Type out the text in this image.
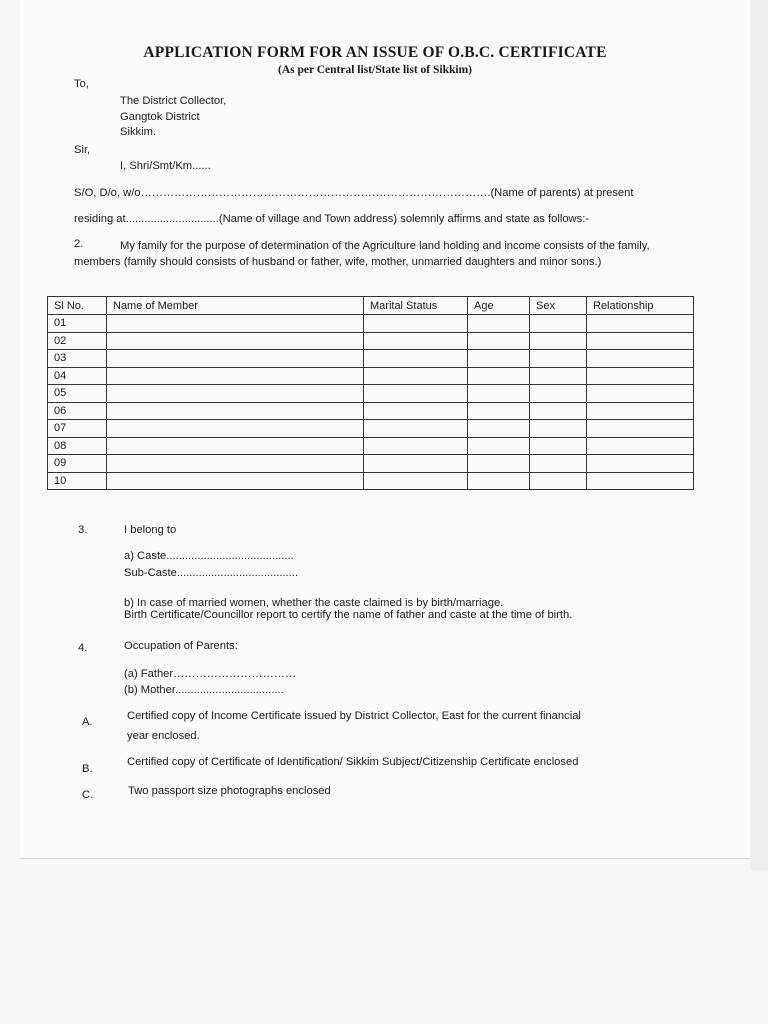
APPLICATION FORM FOR AN ISSUE OF O.B.C. CERTIFICATE
(As per Central list/State list of Sikkim)
To,
The District Collector,
Gangtok District
Sikkim.
Sir,
I, Shri/Smt/Km......
S/O, D/o, w/o………………………………………………………………………………….(Name of parents) at present
residing at..............................(Name of village and Town address) solemnly affirms and state as follows:-
2.	My family for the purpose of determination of the Agriculture land holding and income consists of the family, members (family should consists of husband or father, wife, mother, unmarried daughters and minor sons.)
Sl No.	Name of Member	Marital Status	Age	Sex	Relationship
01					
02					
03					
04					
05					
06					
07					
08					
09					
10					
3.	I belong to
a) Caste.........................................
Sub-Caste.......................................
b) In case of married women, whether the caste claimed is by birth/marriage.
Birth Certificate/Councillor report to certify the name of father and caste at the time of birth.
4.	Occupation of Parents:
(a) Father……………………………
(b) Mother...................................
A.	Certified copy of Income Certificate issued by District Collector, East for the current financial
year enclosed.
B.
Certified copy of Certificate of Identification/ Sikkim Subject/Citizenship Certificate enclosed
C.	Two passport size photographs enclosed
